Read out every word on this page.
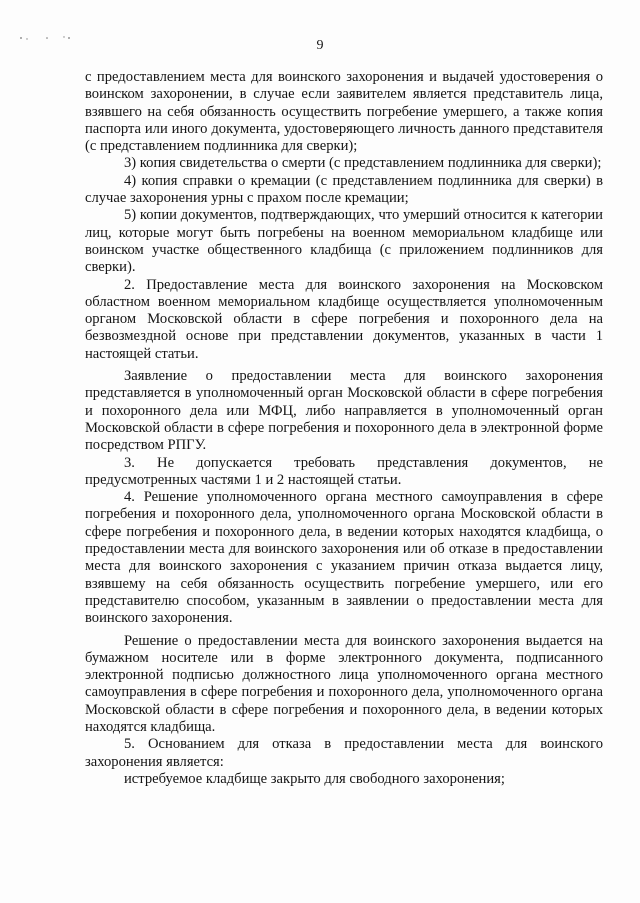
9

с предоставлением места для воинского захоронения и выдачей удостоверения о воинском захоронении, в случае если заявителем является представитель лица, взявшего на себя обязанность осуществить погребение умершего, а также копия паспорта или иного документа, удостоверяющего личность данного представителя (с представлением подлинника для сверки);

3) копия свидетельства о смерти (с представлением подлинника для сверки);

4) копия справки о кремации (с представлением подлинника для сверки) в случае захоронения урны с прахом после кремации;

5) копии документов, подтверждающих, что умерший относится к категории лиц, которые могут быть погребены на военном мемориальном кладбище или воинском участке общественного кладбища (с приложением подлинников для сверки).

2. Предоставление места для воинского захоронения на Московском областном военном мемориальном кладбище осуществляется уполномоченным органом Московской области в сфере погребения и похоронного дела на безвозмездной основе при представлении документов, указанных в части 1 настоящей статьи.

Заявление о предоставлении места для воинского захоронения представляется в уполномоченный орган Московской области в сфере погребения и похоронного дела или МФЦ, либо направляется в уполномоченный орган Московской области в сфере погребения и похоронного дела в электронной форме посредством РПГУ.

3. Не допускается требовать представления документов, не предусмотренных частями 1 и 2 настоящей статьи.

4. Решение уполномоченного органа местного самоуправления в сфере погребения и похоронного дела, уполномоченного органа Московской области в сфере погребения и похоронного дела, в ведении которых находятся кладбища, о предоставлении места для воинского захоронения или об отказе в предоставлении места для воинского захоронения с указанием причин отказа выдается лицу, взявшему на себя обязанность осуществить погребение умершего, или его представителю способом, указанным в заявлении о предоставлении места для воинского захоронения.

Решение о предоставлении места для воинского захоронения выдается на бумажном носителе или в форме электронного документа, подписанного электронной подписью должностного лица уполномоченного органа местного самоуправления в сфере погребения и похоронного дела, уполномоченного органа Московской области в сфере погребения и похоронного дела, в ведении которых находятся кладбища.

5. Основанием для отказа в предоставлении места для воинского захоронения является:

истребуемое кладбище закрыто для свободного захоронения;
